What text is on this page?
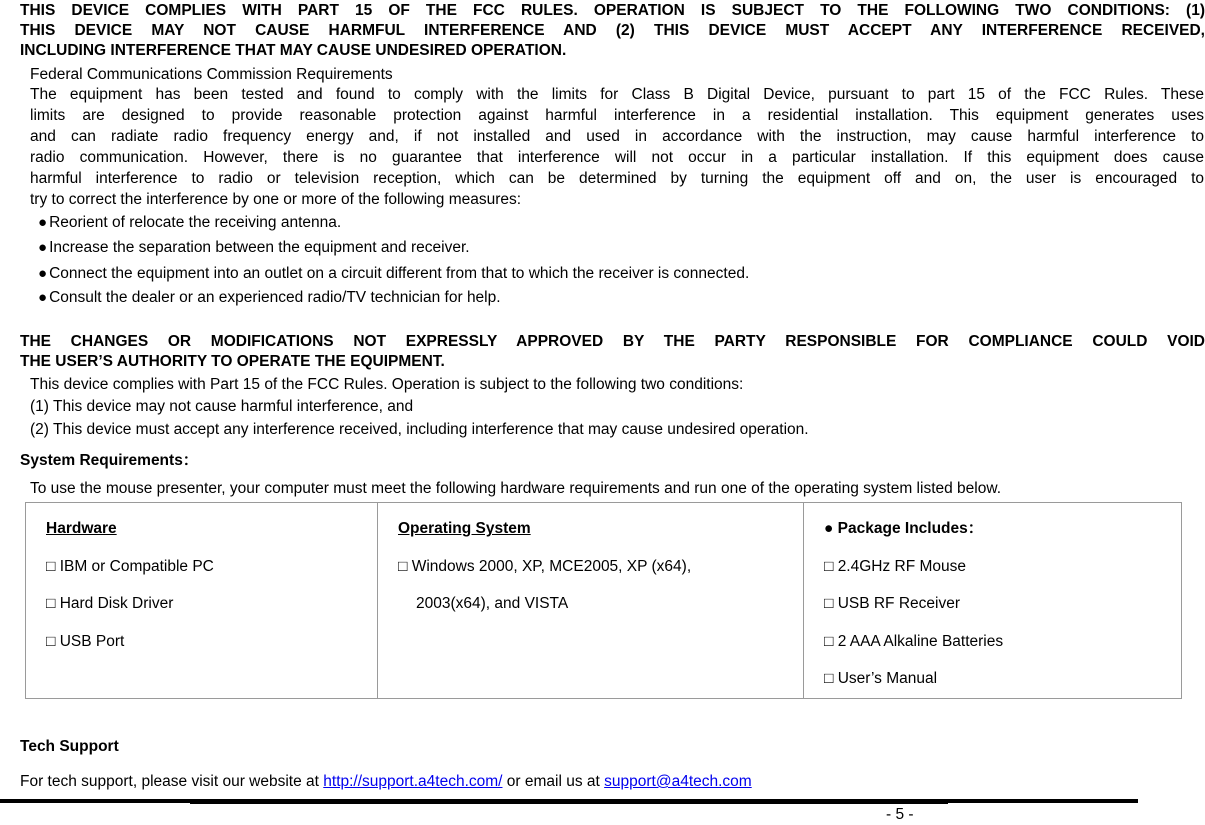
THIS DEVICE COMPLIES WITH PART 15 OF THE FCC RULES. OPERATION IS SUBJECT TO THE FOLLOWING TWO CONDITIONS: (1)
THIS DEVICE MAY NOT CAUSE HARMFUL INTERFERENCE AND (2) THIS DEVICE MUST ACCEPT ANY INTERFERENCE RECEIVED,
INCLUDING INTERFERENCE THAT MAY CAUSE UNDESIRED OPERATION.
Federal Communications Commission Requirements
The equipment has been tested and found to comply with the limits for Class B Digital Device, pursuant to part 15 of the FCC Rules. These
limits are designed to provide reasonable protection against harmful interference in a residential installation. This equipment generates uses
and can radiate radio frequency energy and, if not installed and used in accordance with the instruction, may cause harmful interference to
radio communication. However, there is no guarantee that interference will not occur in a particular installation. If this equipment does cause
harmful interference to radio or television reception, which can be determined by turning the equipment off and on, the user is encouraged to
try to correct the interference by one or more of the following measures:
● Reorient of relocate the receiving antenna.
● Increase the separation between the equipment and receiver.
● Connect the equipment into an outlet on a circuit different from that to which the receiver is connected.
● Consult the dealer or an experienced radio/TV technician for help.
THE CHANGES OR MODIFICATIONS NOT EXPRESSLY APPROVED BY THE PARTY RESPONSIBLE FOR COMPLIANCE COULD VOID
THE USER’S AUTHORITY TO OPERATE THE EQUIPMENT.
This device complies with Part 15 of the FCC Rules. Operation is subject to the following two conditions:
(1) This device may not cause harmful interference, and
(2) This device must accept any interference received, including interference that may cause undesired operation.
System Requirements：
To use the mouse presenter, your computer must meet the following hardware requirements and run one of the operating system listed below.
Hardware
□ IBM or Compatible PC
□ Hard Disk Driver
□ USB Port

Operating System
□ Windows 2000, XP, MCE2005, XP (x64),
2003(x64), and VISTA

● Package Includes：
□ 2.4GHz RF Mouse
□ USB RF Receiver
□ 2 AAA Alkaline Batteries
□ User’s Manual
Tech Support
For tech support, please visit our website at http://support.a4tech.com/ or email us at support@a4tech.com
- 5 -
